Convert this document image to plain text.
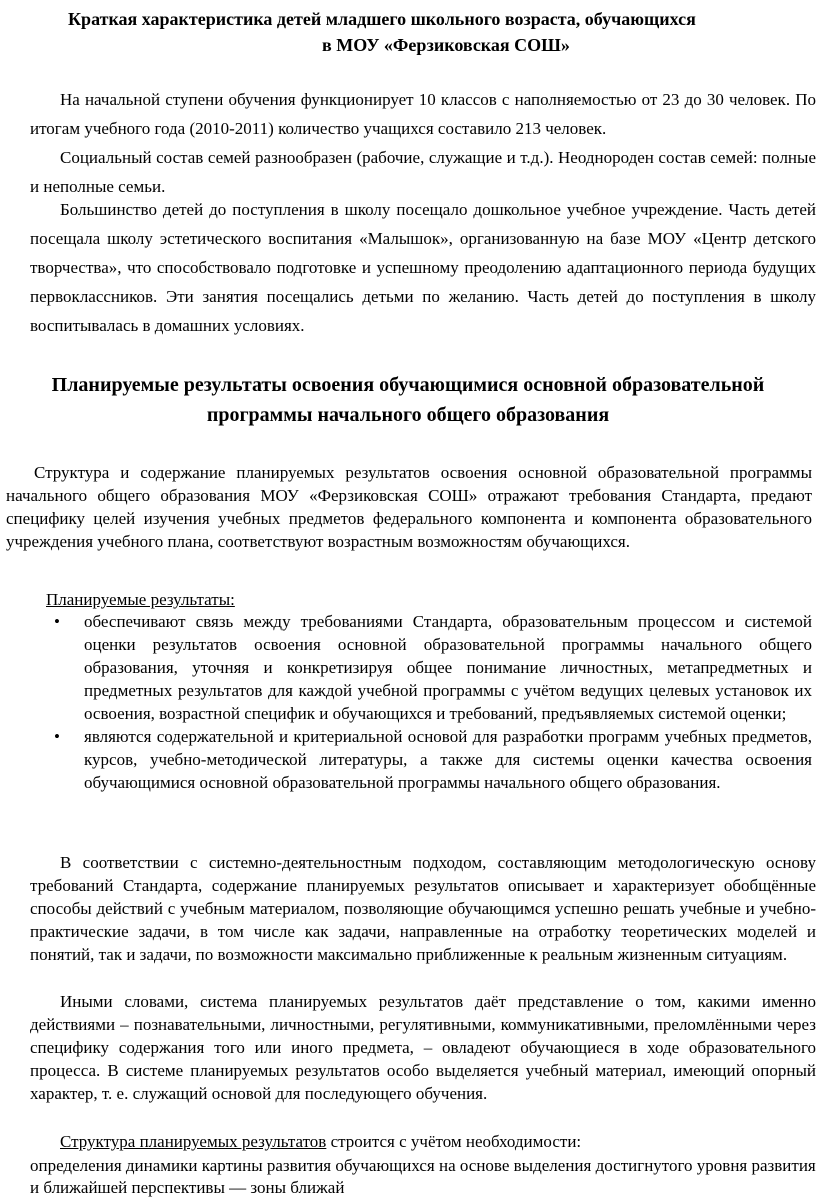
Краткая характеристика детей младшего школьного возраста, обучающихся
в МОУ «Ферзиковская СОШ»

На начальной ступени обучения функционирует 10 классов с наполняемостью от 23 до 30 человек. По итогам учебного года (2010-2011) количество учащихся составило 213 человек.

Социальный состав семей разнообразен (рабочие, служащие и т.д.). Неоднороден состав семей: полные и неполные семьи.

Большинство детей до поступления в школу посещало дошкольное учебное учреждение. Часть детей посещала школу эстетического воспитания «Малышок», организованную на базе МОУ «Центр детского творчества», что способствовало подготовке и успешному преодолению адаптационного периода будущих первоклассников. Эти занятия посещались детьми по желанию. Часть детей до поступления в школу воспитывалась в домашних условиях.

Планируемые результаты освоения обучающимися основной образовательной программы начального общего образования

Структура и содержание планируемых результатов освоения основной образовательной программы начального общего образования МОУ «Ферзиковская СОШ» отражают требования Стандарта, предают специфику целей изучения учебных предметов федерального компонента и компонента образовательного учреждения учебного плана, соответствуют возрастным возможностям обучающихся.

Планируемые результаты:
• обеспечивают связь между требованиями Стандарта, образовательным процессом и системой оценки результатов освоения основной образовательной программы начального общего образования, уточняя и конкретизируя общее понимание личностных, метапредметных и предметных результатов для каждой учебной программы с учётом ведущих целевых установок их освоения, возрастной специфик и обучающихся и требований, предъявляемых системой оценки;
• являются содержательной и критериальной основой для разработки программ учебных предметов, курсов, учебно-методической литературы, а также для системы оценки качества освоения обучающимися основной образовательной программы начального общего образования.

В соответствии с системно-деятельностным подходом, составляющим методологическую основу требований Стандарта, содержание планируемых результатов описывает и характеризует обобщённые способы действий с учебным материалом, позволяющие обучающимся успешно решать учебные и учебно-практические задачи, в том числе как задачи, направленные на отработку теоретических моделей и понятий, так и задачи, по возможности максимально приближенные к реальным жизненным ситуациям.

Иными словами, система планируемых результатов даёт представление о том, какими именно действиями – познавательными, личностными, регулятивными, коммуникативными, преломлёнными через специфику содержания того или иного предмета, – овладеют обучающиеся в ходе образовательного процесса. В системе планируемых результатов особо выделяется учебный материал, имеющий опорный характер, т. е. служащий основой для последующего обучения.

Структура планируемых результатов строится с учётом необходимости:

определения динамики картины развития обучающихся на основе выделения достигнутого уровня развития и ближайшей перспективы — зоны ближай
